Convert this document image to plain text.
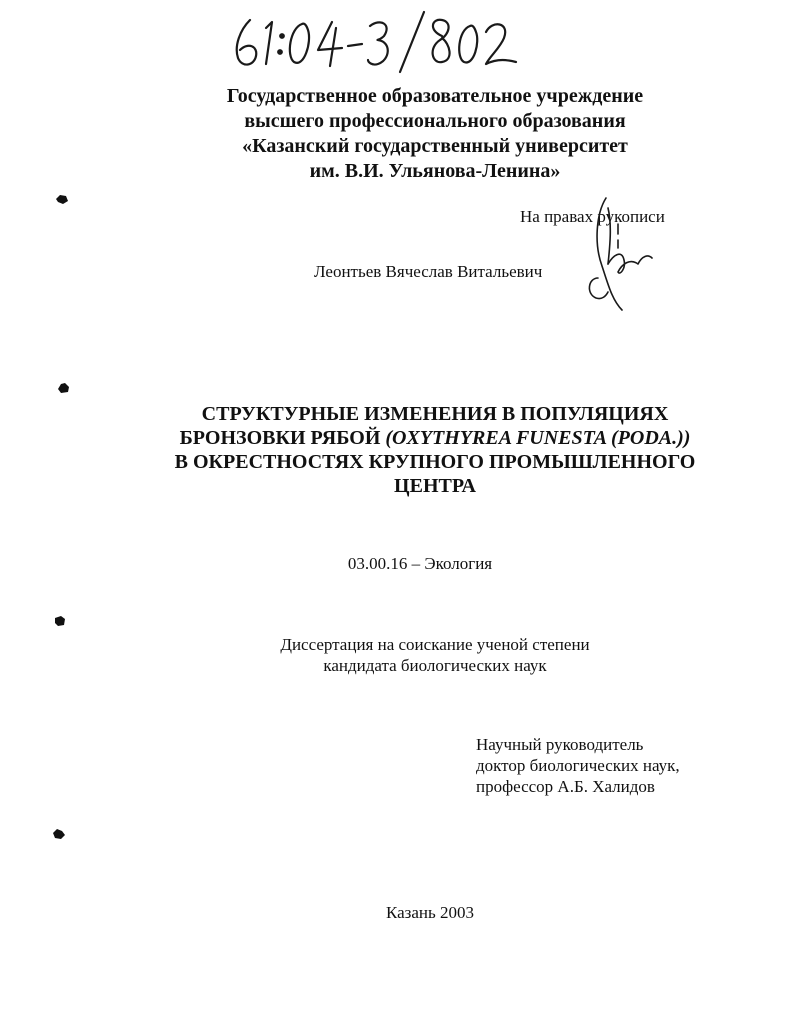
Государственное образовательное учреждение
высшего профессионального образования
«Казанский государственный университет
им. В.И. Ульянова-Ленина»
На правах рукописи
Леонтьев Вячеслав Витальевич
СТРУКТУРНЫЕ ИЗМЕНЕНИЯ В ПОПУЛЯЦИЯХ
БРОНЗОВКИ РЯБОЙ (OXYTHYREA FUNESTA (PODA.))
В ОКРЕСТНОСТЯХ КРУПНОГО ПРОМЫШЛЕННОГО
ЦЕНТРА
03.00.16 – Экология
Диссертация на соискание ученой степени
кандидата биологических наук
Научный руководитель
доктор биологических наук,
профессор А.Б. Халидов
Казань 2003
